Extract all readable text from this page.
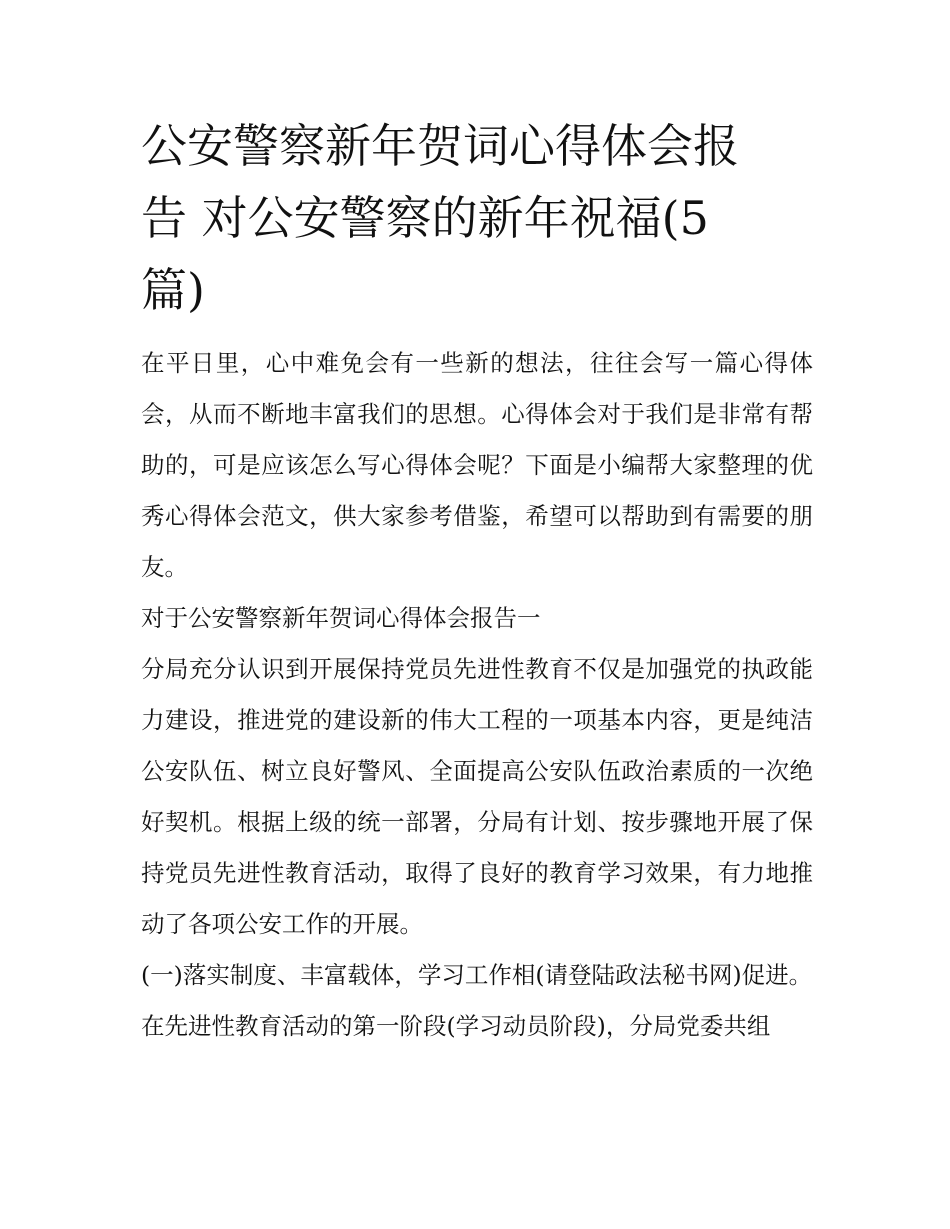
公安警察新年贺词心得体会报
告 对公安警察的新年祝福(5
篇)

在平日里，心中难免会有一些新的想法，往往会写一篇心得体会，从而不断地丰富我们的思想。心得体会对于我们是非常有帮助的，可是应该怎么写心得体会呢？下面是小编帮大家整理的优秀心得体会范文，供大家参考借鉴，希望可以帮助到有需要的朋友。

对于公安警察新年贺词心得体会报告一

分局充分认识到开展保持党员先进性教育不仅是加强党的执政能力建设，推进党的建设新的伟大工程的一项基本内容，更是纯洁公安队伍、树立良好警风、全面提高公安队伍政治素质的一次绝好契机。根据上级的统一部署，分局有计划、按步骤地开展了保持党员先进性教育活动，取得了良好的教育学习效果，有力地推动了各项公安工作的开展。

(一)落实制度、丰富载体，学习工作相(请登陆政法秘书网)促进。

在先进性教育活动的第一阶段(学习动员阶段)，分局党委共组
